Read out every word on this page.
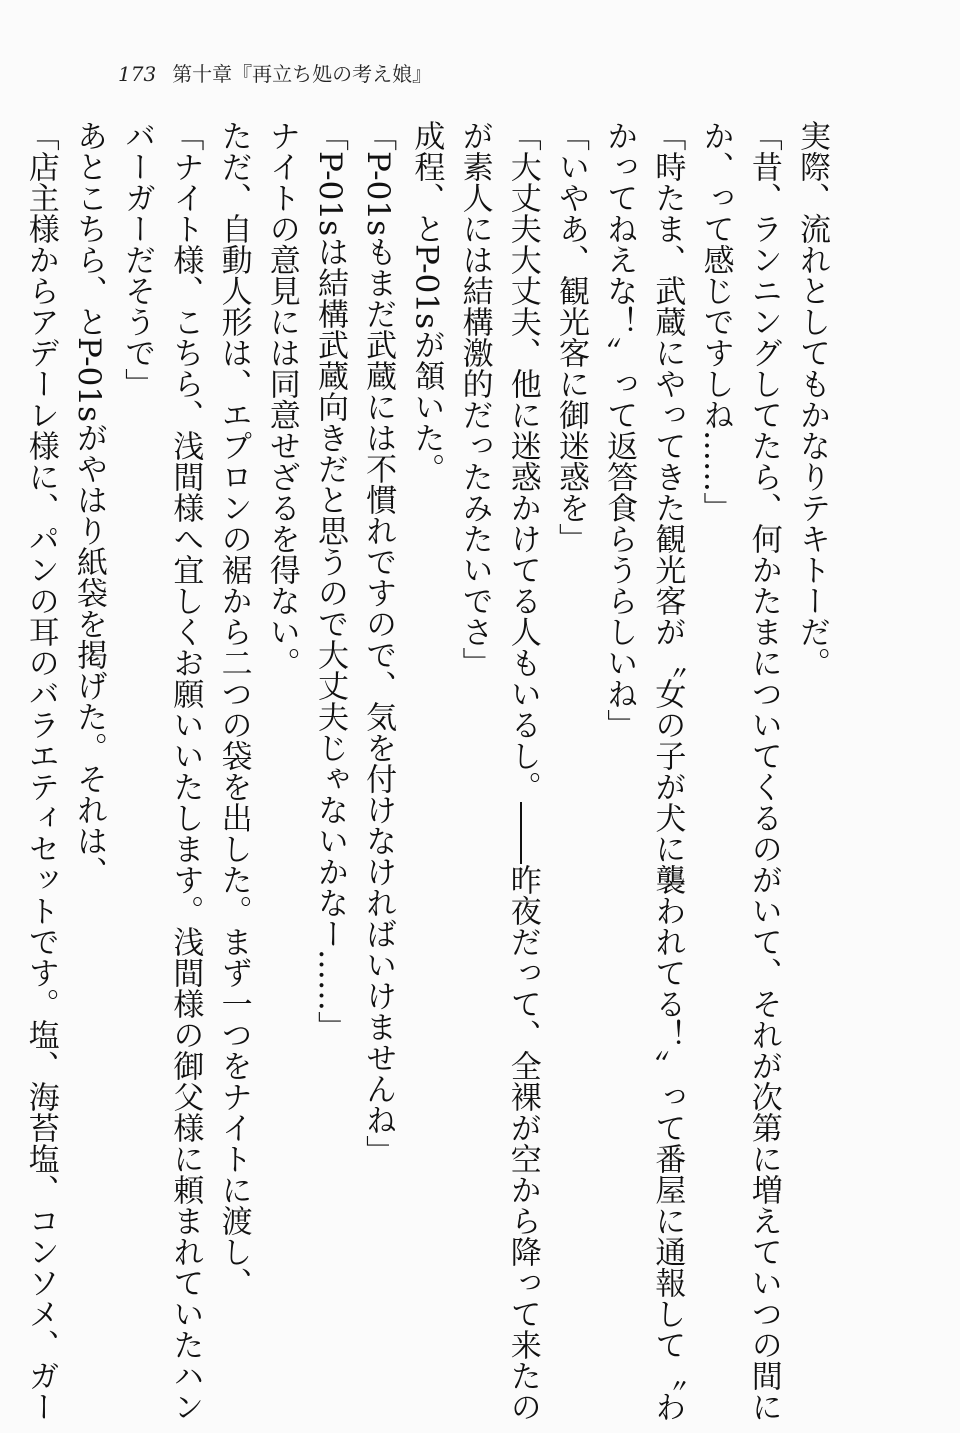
173 第十章『再立ち処の考え娘』
実際、流れとしてもかなりテキトーだ。
「昔、ランニングしてたら、何かたまについてくるのがいて、それが次第に増えていつの間に
か、って感じですしね……」
「時たま、武蔵にやってきた観光客が〝女の子が犬に襲われてる！〟って番屋に通報して〝わ
かってねえな！〟って返答食らうらしいね」
「いやあ、観光客に御迷惑を」
「大丈夫大丈夫、他に迷惑かけてる人もいるし。――昨夜だって、全裸が空から降って来たの
が素人には結構激的だったみたいでさ」
成程、とP-01sが頷いた。
「P-01sもまだ武蔵には不慣れですので、気を付けなければいけませんね」
「P-01sは結構武蔵向きだと思うので大丈夫じゃないかなー……」
ナイトの意見には同意せざるを得ない。
ただ、自動人形は、エプロンの裾から二つの袋を出した。まず一つをナイトに渡し、
「ナイト様、こちら、浅間様へ宜しくお願いいたします。浅間様の御父様に頼まれていたハン
バーガーだそうで」
あとこちら、とP-01sがやはり紙袋を掲げた。それは、
「店主様からアデーレ様に、パンの耳のバラエティセットです。塩、海苔塩、コンソメ、ガー
